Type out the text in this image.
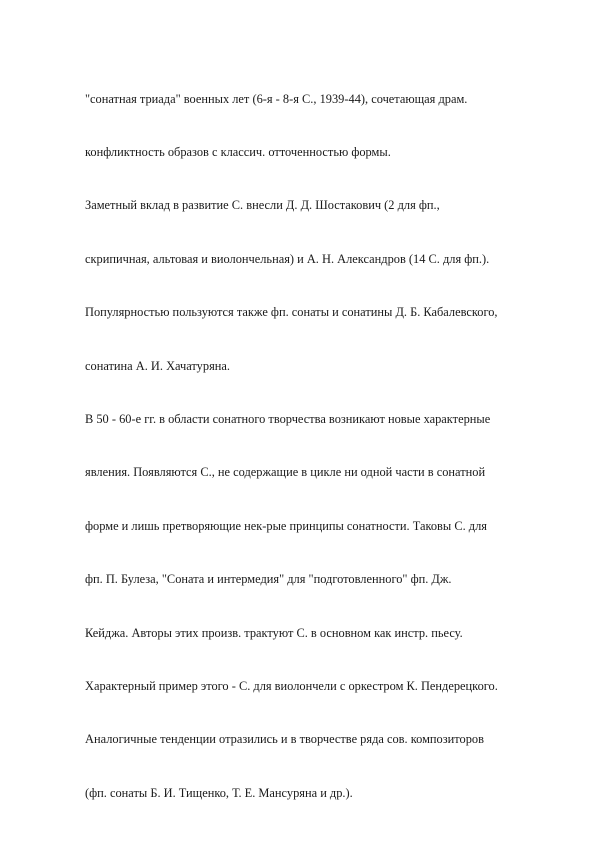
"сонатная триада" военных лет (6-я - 8-я С., 1939-44), сочетающая драм.

конфликтность образов с классич. отточенностью формы.

Заметный вклад в развитие С. внесли Д. Д. Шостакович (2 для фп.,

скрипичная, альтовая и виолончельная) и А. Н. Александров (14 С. для фп.).

Популярностью пользуются также фп. сонаты и сонатины Д. Б. Кабалевского,

сонатина А. И. Хачатуряна.

В 50 - 60-е гг. в области сонатного творчества возникают новые характерные

явления. Появляются С., не содержащие в цикле ни одной части в сонатной

форме и лишь претворяющие нек-рые принципы сонатности. Таковы С. для

фп. П. Булеза, "Соната и интермедия" для "подготовленного" фп. Дж.

Кейджа. Авторы этих произв. трактуют С. в основном как инстр. пьесу.

Характерный пример этого - С. для виолончели с оркестром К. Пендерецкого.

Аналогичные тенденции отразились и в творчестве ряда сов. композиторов

(фп. сонаты Б. И. Тищенко, Т. Е. Мансуряна и др.).
